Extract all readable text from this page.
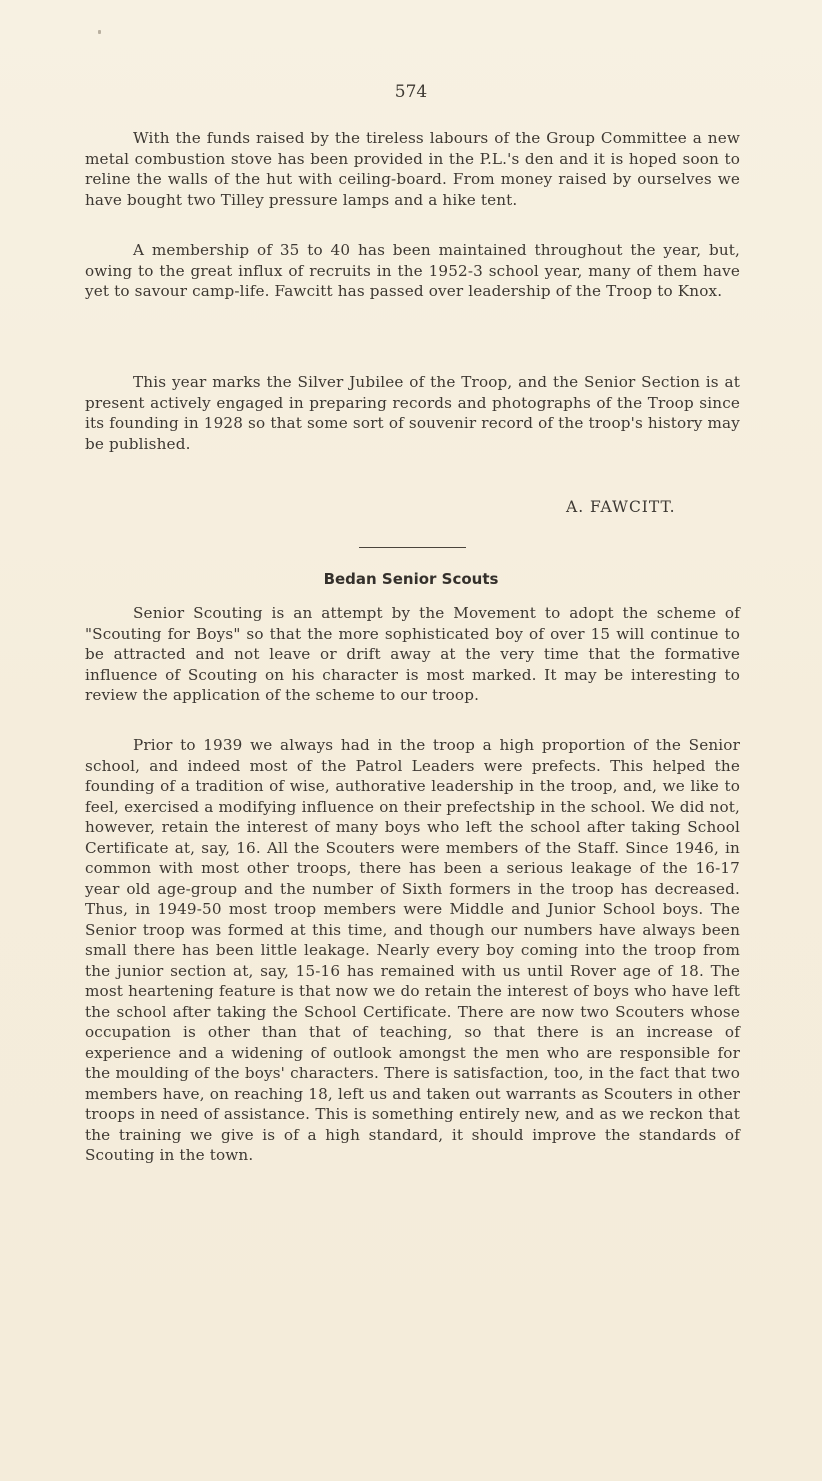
574

With the funds raised by the tireless labours of the Group Committee a new metal combustion stove has been provided in the P.L.'s den and it is hoped soon to reline the walls of the hut with ceiling-board. From money raised by ourselves we have bought two Tilley pressure lamps and a hike tent.

A membership of 35 to 40 has been maintained throughout the year, but, owing to the great influx of recruits in the 1952-3 school year, many of them have yet to savour camp-life. Fawcitt has passed over leadership of the Troop to Knox.

This year marks the Silver Jubilee of the Troop, and the Senior Section is at present actively engaged in preparing records and photographs of the Troop since its founding in 1928 so that some sort of souvenir record of the troop's history may be published.

A. FAWCITT.
Bedan Senior Scouts

Senior Scouting is an attempt by the Movement to adopt the scheme of "Scouting for Boys" so that the more sophisticated boy of over 15 will continue to be attracted and not leave or drift away at the very time that the formative influence of Scouting on his character is most marked. It may be interesting to review the application of the scheme to our troop.

Prior to 1939 we always had in the troop a high proportion of the Senior school, and indeed most of the Patrol Leaders were prefects. This helped the founding of a tradition of wise, authorative leadership in the troop, and, we like to feel, exercised a modifying influence on their prefectship in the school. We did not, however, retain the interest of many boys who left the school after taking School Certificate at, say, 16. All the Scouters were members of the Staff. Since 1946, in common with most other troops, there has been a serious leakage of the 16-17 year old age-group and the number of Sixth formers in the troop has decreased. Thus, in 1949-50 most troop members were Middle and Junior School boys. The Senior troop was formed at this time, and though our numbers have always been small there has been little leakage. Nearly every boy coming into the troop from the junior section at, say, 15-16 has remained with us until Rover age of 18. The most heartening feature is that now we do retain the interest of boys who have left the school after taking the School Certificate. There are now two Scouters whose occupation is other than that of teaching, so that there is an increase of experience and a widening of outlook amongst the men who are responsible for the moulding of the boys' characters. There is satisfaction, too, in the fact that two members have, on reaching 18, left us and taken out warrants as Scouters in other troops in need of assistance. This is something entirely new, and as we reckon that the training we give is of a high standard, it should improve the standards of Scouting in the town.
